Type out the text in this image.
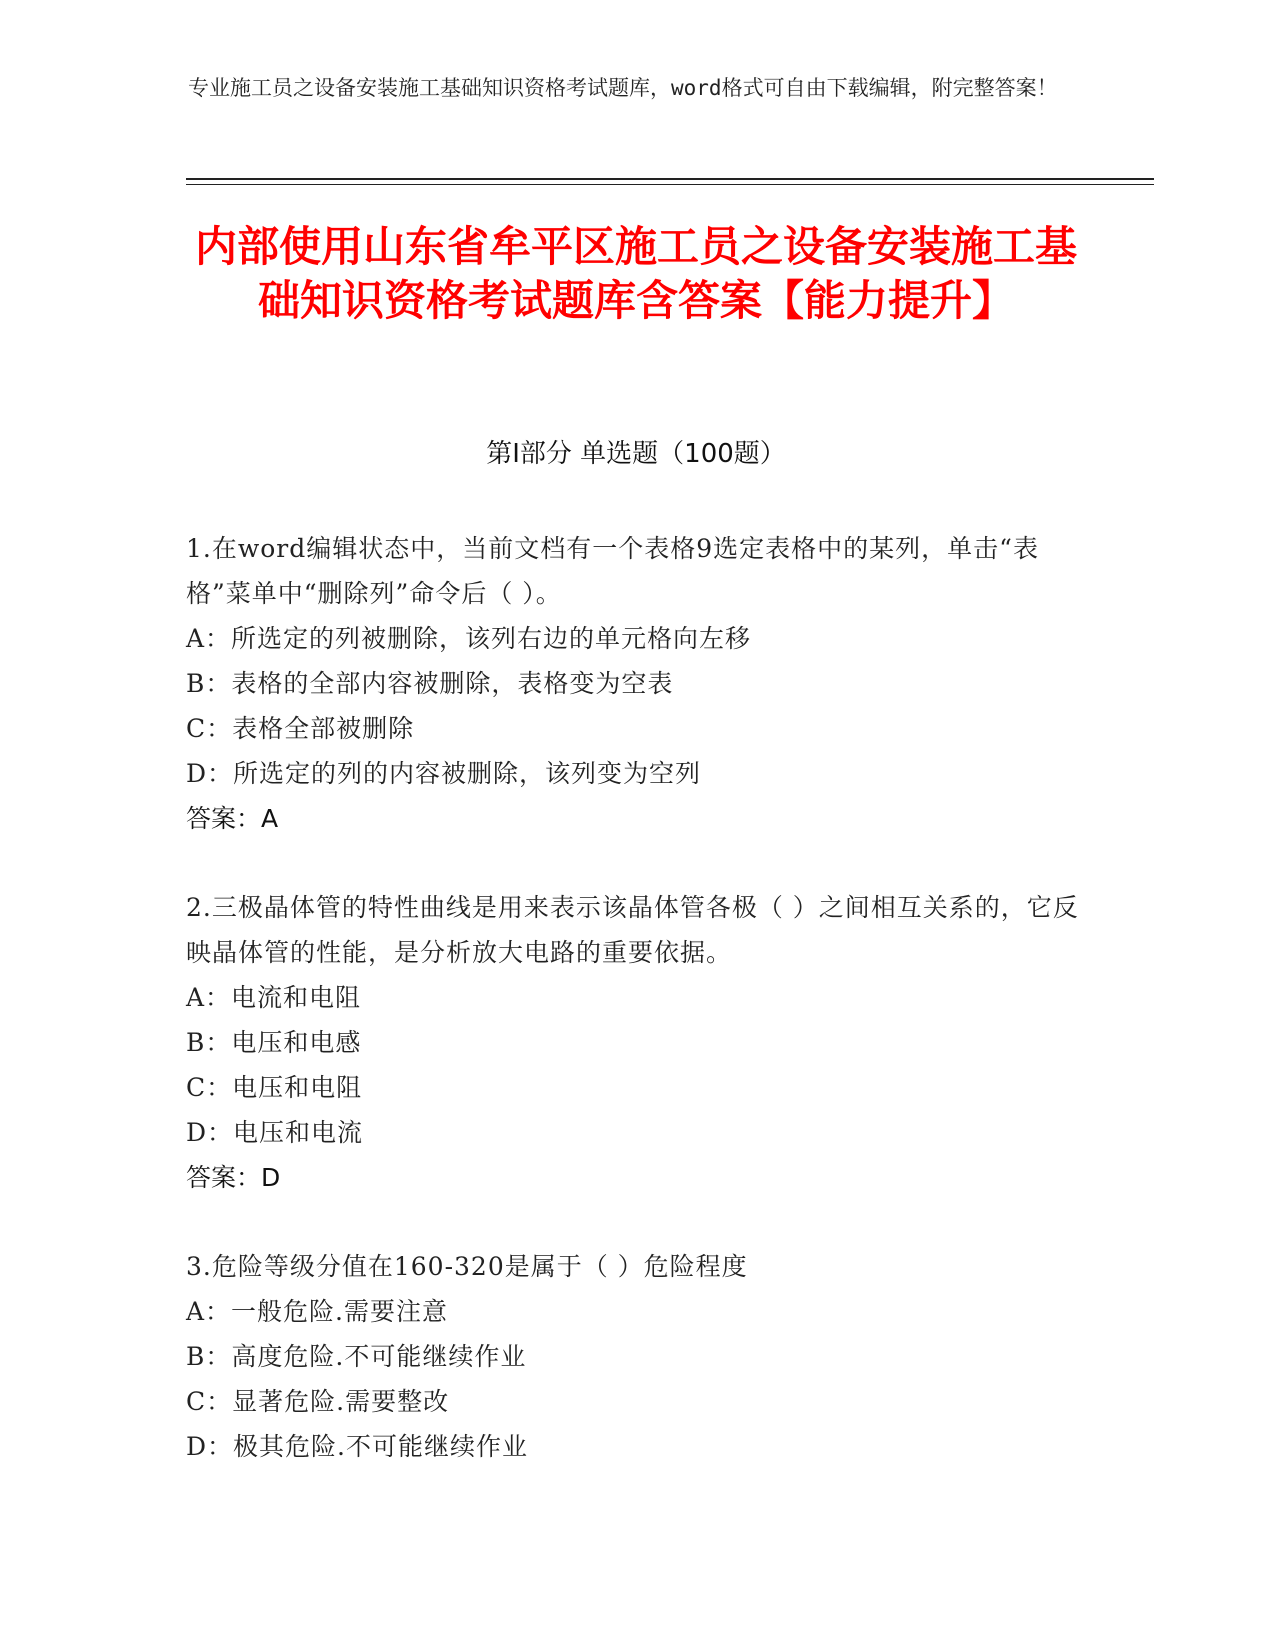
专业施工员之设备安装施工基础知识资格考试题库，word格式可自由下载编辑，附完整答案！
内部使用山东省牟平区施工员之设备安装施工基础知识资格考试题库含答案【能力提升】
第I部分 单选题（100题）
1.在word编辑状态中，当前文档有一个表格9选定表格中的某列，单击“表格”菜单中“删除列”命令后（ ）。
A：所选定的列被删除，该列右边的单元格向左移
B：表格的全部内容被删除，表格变为空表
C：表格全部被删除
D：所选定的列的内容被删除，该列变为空列
答案：A
2.三极晶体管的特性曲线是用来表示该晶体管各极（ ）之间相互关系的，它反映晶体管的性能，是分析放大电路的重要依据。
A：电流和电阻
B：电压和电感
C：电压和电阻
D：电压和电流
答案：D
3.危险等级分值在160-320是属于（ ）危险程度
A：一般危险.需要注意
B：高度危险.不可能继续作业
C：显著危险.需要整改
D：极其危险.不可能继续作业
